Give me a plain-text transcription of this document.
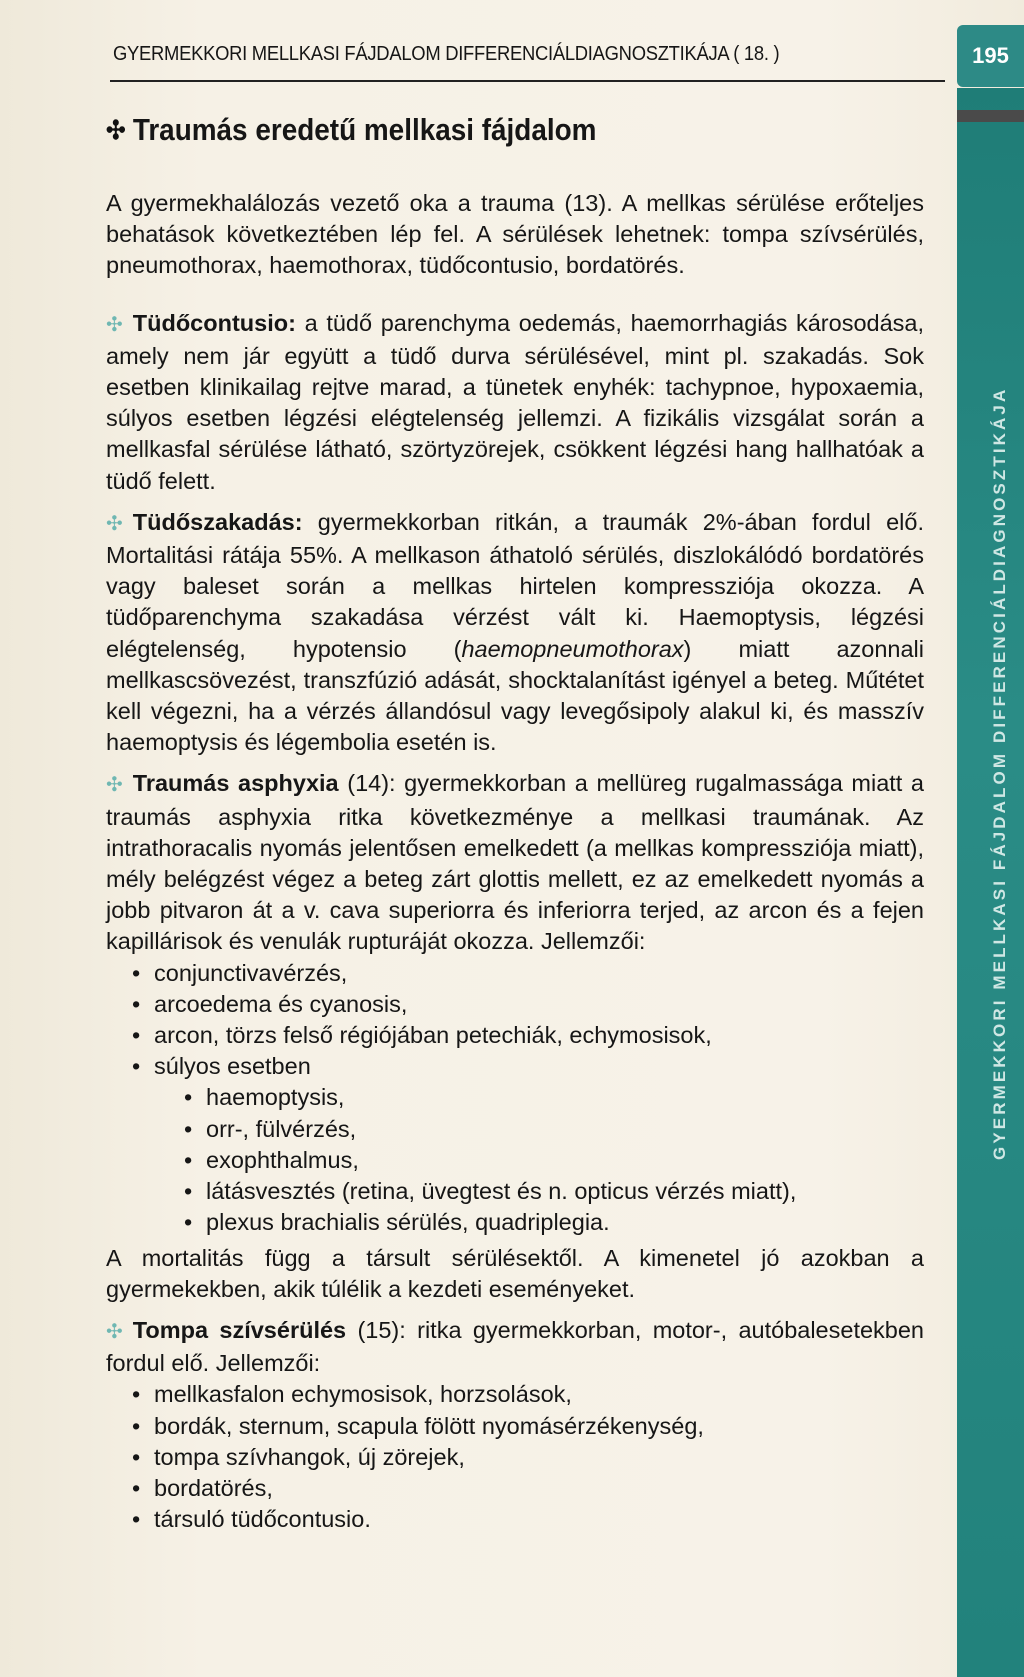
GYERMEKKORI MELLKASI FÁJDALOM DIFFERENCIÁLDIAGNOSZTIKÁJA ( 18. )	195
GYERMEKKORI MELLKASI FÁJDALOM DIFFERENCIÁLDIAGNOSZTIKÁJA
✣ Traumás eredetű mellkasi fájdalom

A gyermekhalálozás vezető oka a trauma (13). A mellkas sérülése erőteljes behatások következtében lép fel. A sérülések lehetnek: tompa szívsérülés, pneumothorax, haemothorax, tüdőcontusio, bordatörés.

✣ Tüdőcontusio: a tüdő parenchyma oedemás, haemorrhagiás károsodása, amely nem jár együtt a tüdő durva sérülésével, mint pl. szakadás. Sok esetben klinikailag rejtve marad, a tünetek enyhék: tachypnoe, hypoxaemia, súlyos esetben légzési elégtelenség jellemzi. A fizikális vizsgálat során a mellkasfal sérülése látható, szörtyzörejek, csökkent légzési hang hallhatóak a tüdő felett.

✣ Tüdőszakadás: gyermekkorban ritkán, a traumák 2%-ában fordul elő. Mortalitási rátája 55%. A mellkason áthatoló sérülés, diszlokálódó bordatörés vagy baleset során a mellkas hirtelen kompressziója okozza. A tüdőparenchyma szakadása vérzést vált ki. Haemoptysis, légzési elégtelenség, hypotensio (haemopneumothorax) miatt azonnali mellkascsövezést, transzfúzió adását, shocktalanítást igényel a beteg. Műtétet kell végezni, ha a vérzés állandósul vagy levegősipoly alakul ki, és masszív haemoptysis és légembolia esetén is.

✣ Traumás asphyxia (14): gyermekkorban a mellüreg rugalmassága miatt a traumás asphyxia ritka következménye a mellkasi traumának. Az intrathoracalis nyomás jelentősen emelkedett (a mellkas kompressziója miatt), mély belégzést végez a beteg zárt glottis mellett, ez az emelkedett nyomás a jobb pitvaron át a v. cava superiorra és inferiorra terjed, az arcon és a fejen kapillárisok és venulák rupturáját okozza. Jellemzői:

• conjunctivavérzés,
• arcoedema és cyanosis,
• arcon, törzs felső régiójában petechiák, echymosisok,
• súlyos esetben
• haemoptysis,
• orr-, fülvérzés,
• exophthalmus,
• látásvesztés (retina, üvegtest és n. opticus vérzés miatt),
• plexus brachialis sérülés, quadriplegia.

A mortalitás függ a társult sérülésektől. A kimenetel jó azokban a gyermekekben, akik túlélik a kezdeti eseményeket.

✣ Tompa szívsérülés (15): ritka gyermekkorban, motor-, autóbalesetekben fordul elő. Jellemzői:

• mellkasfalon echymosisok, horzsolások,
• bordák, sternum, scapula fölött nyomásérzékenység,
• tompa szívhangok, új zörejek,
• bordatörés,
• társuló tüdőcontusio.
